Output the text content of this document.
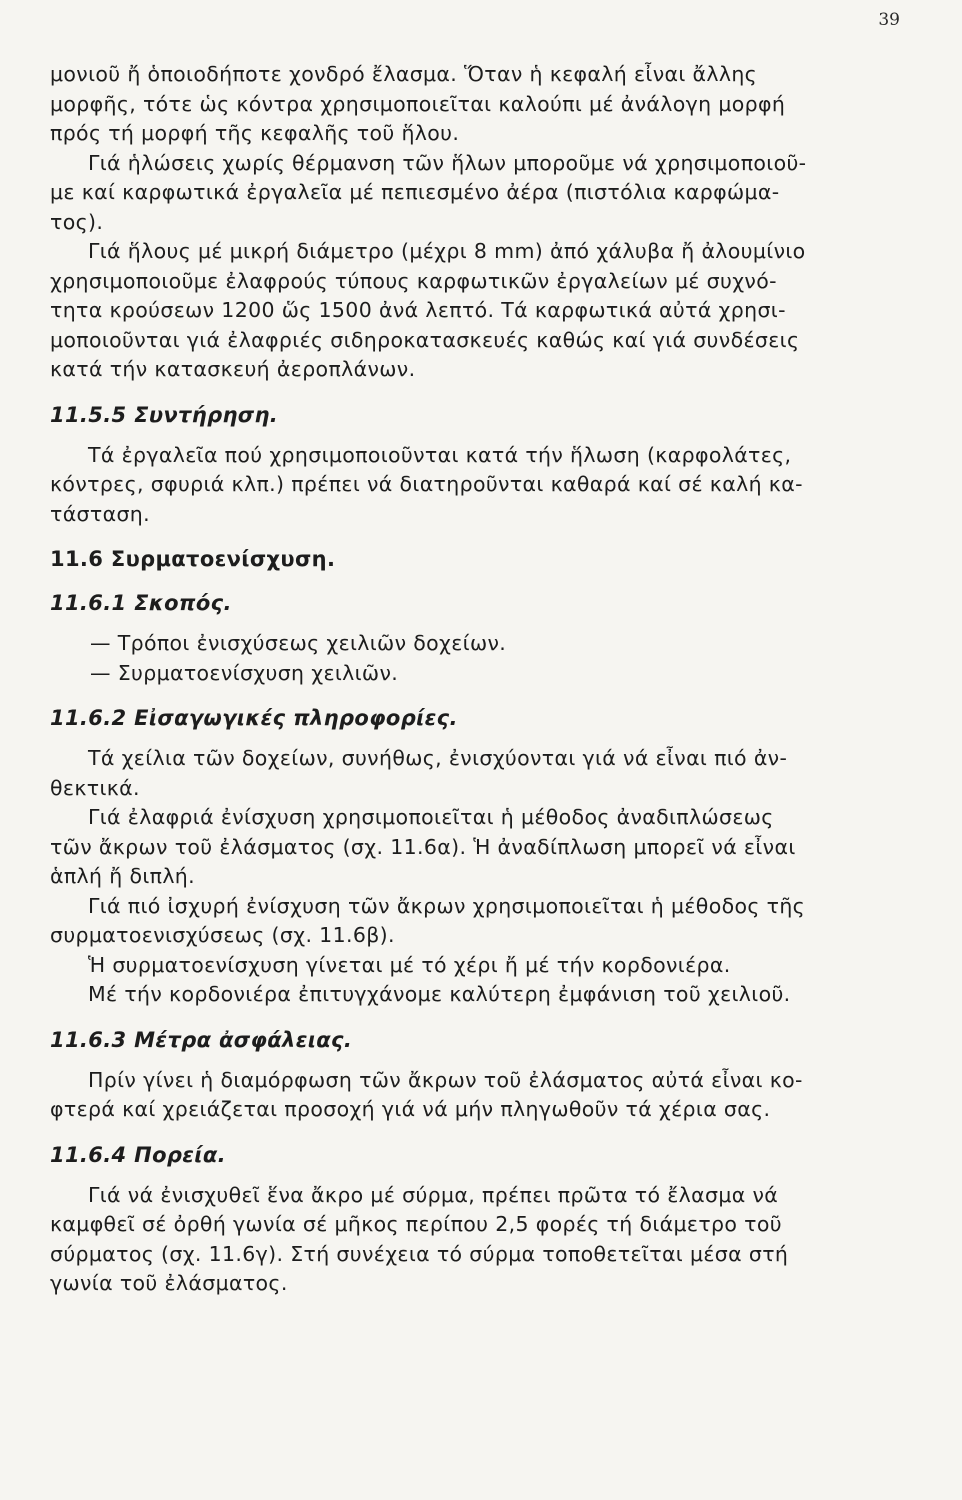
39
μονιοῦ ἤ ὁποιοδήποτε χονδρό ἔλασμα. Ὅταν ἡ κεφαλή εἶναι ἄλλης
μορφῆς, τότε ὡς κόντρα χρησιμοποιεῖται καλούπι μέ ἀνάλογη μορφή
πρός τή μορφή τῆς κεφαλῆς τοῦ ἥλου.
Γιά ἡλώσεις χωρίς θέρμανση τῶν ἥλων μποροῦμε νά χρησιμοποιοῦ-
με καί καρφωτικά ἐργαλεῖα μέ πεπιεσμένο ἀέρα (πιστόλια καρφώμα-
τος).
Γιά ἥλους μέ μικρή διάμετρο (μέχρι 8 mm) ἀπό χάλυβα ἤ ἀλουμίνιο
χρησιμοποιοῦμε ἐλαφρούς τύπους καρφωτικῶν ἐργαλείων μέ συχνό-
τητα κρούσεων 1200 ὥς 1500 ἀνά λεπτό. Τά καρφωτικά αὐτά χρησι-
μοποιοῦνται γιά ἐλαφριές σιδηροκατασκευές καθώς καί γιά συνδέσεις
κατά τήν κατασκευή ἀεροπλάνων.
11.5.5 Συντήρηση.
Τά ἐργαλεῖα πού χρησιμοποιοῦνται κατά τήν ἥλωση (καρφολάτες,
κόντρες, σφυριά κλπ.) πρέπει νά διατηροῦνται καθαρά καί σέ καλή κα-
τάσταση.
11.6 Συρματοενίσχυση.
11.6.1 Σκοπός.
— Τρόποι ἐνισχύσεως χειλιῶν δοχείων.
— Συρματοενίσχυση χειλιῶν.
11.6.2 Εἰσαγωγικές πληροφορίες.
Τά χείλια τῶν δοχείων, συνήθως, ἐνισχύονται γιά νά εἶναι πιό ἀν-
θεκτικά.
Γιά ἐλαφριά ἐνίσχυση χρησιμοποιεῖται ἡ μέθοδος ἀναδιπλώσεως
τῶν ἄκρων τοῦ ἐλάσματος (σχ. 11.6α). Ἡ ἀναδίπλωση μπορεῖ νά εἶναι
ἁπλή ἤ διπλή.
Γιά πιό ἰσχυρή ἐνίσχυση τῶν ἄκρων χρησιμοποιεῖται ἡ μέθοδος τῆς
συρματοενισχύσεως (σχ. 11.6β).
Ἡ συρματοενίσχυση γίνεται μέ τό χέρι ἤ μέ τήν κορδονιέρα.
Μέ τήν κορδονιέρα ἐπιτυγχάνομε καλύτερη ἐμφάνιση τοῦ χειλιοῦ.
11.6.3 Μέτρα ἀσφάλειας.
Πρίν γίνει ἡ διαμόρφωση τῶν ἄκρων τοῦ ἐλάσματος αὐτά εἶναι κο-
φτερά καί χρειάζεται προσοχή γιά νά μήν πληγωθοῦν τά χέρια σας.
11.6.4 Πορεία.
Γιά νά ἐνισχυθεῖ ἕνα ἄκρο μέ σύρμα, πρέπει πρῶτα τό ἔλασμα νά
καμφθεῖ σέ ὀρθή γωνία σέ μῆκος περίπου 2,5 φορές τή διάμετρο τοῦ
σύρματος (σχ. 11.6γ). Στή συνέχεια τό σύρμα τοποθετεῖται μέσα στή
γωνία τοῦ ἐλάσματος.
